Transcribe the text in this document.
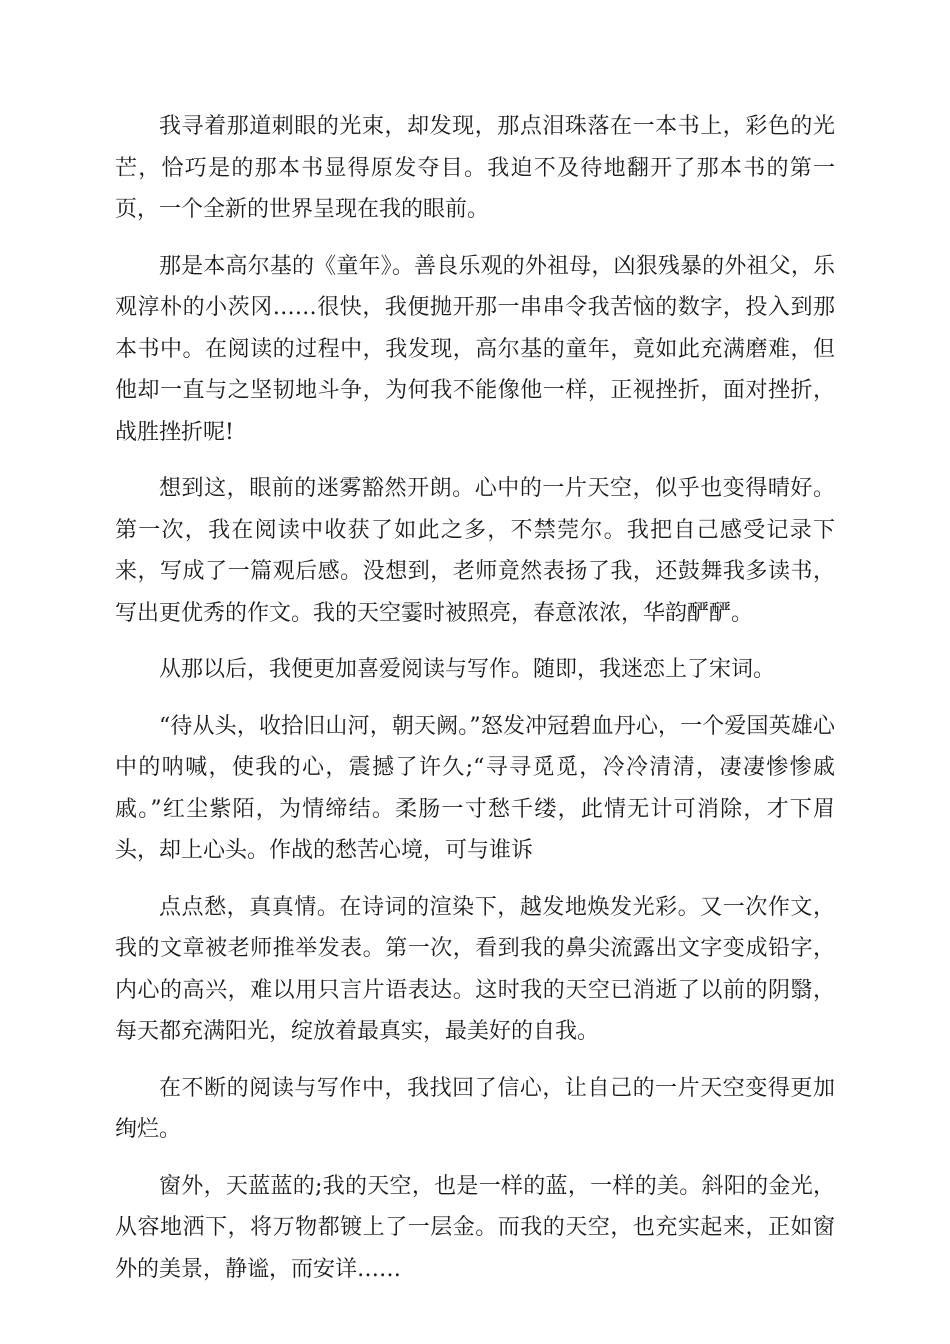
我寻着那道刺眼的光束，却发现，那点泪珠落在一本书上，彩色的光芒，恰巧是的那本书显得原发夺目。我迫不及待地翻开了那本书的第一页，一个全新的世界呈现在我的眼前。

那是本高尔基的《童年》。善良乐观的外祖母，凶狠残暴的外祖父，乐观淳朴的小茨冈……很快，我便抛开那一串串令我苦恼的数字，投入到那本书中。在阅读的过程中，我发现，高尔基的童年，竟如此充满磨难，但他却一直与之坚韧地斗争，为何我不能像他一样，正视挫折，面对挫折，战胜挫折呢!

想到这，眼前的迷雾豁然开朗。心中的一片天空，似乎也变得晴好。第一次，我在阅读中收获了如此之多，不禁莞尔。我把自己感受记录下来，写成了一篇观后感。没想到，老师竟然表扬了我，还鼓舞我多读书，写出更优秀的作文。我的天空霎时被照亮，春意浓浓，华韵酽酽。

从那以后，我便更加喜爱阅读与写作。随即，我迷恋上了宋词。

“待从头，收拾旧山河，朝天阙。”怒发冲冠碧血丹心，一个爱国英雄心中的呐喊，使我的心，震撼了许久;“寻寻觅觅，冷冷清清，凄凄惨惨戚戚。”红尘紫陌，为情缔结。柔肠一寸愁千缕，此情无计可消除，才下眉头，却上心头。作战的愁苦心境，可与谁诉

点点愁，真真情。在诗词的渲染下，越发地焕发光彩。又一次作文，我的文章被老师推举发表。第一次，看到我的鼻尖流露出文字变成铅字，内心的高兴，难以用只言片语表达。这时我的天空已消逝了以前的阴翳，每天都充满阳光，绽放着最真实，最美好的自我。

在不断的阅读与写作中，我找回了信心，让自己的一片天空变得更加绚烂。

窗外，天蓝蓝的;我的天空，也是一样的蓝，一样的美。斜阳的金光，从容地洒下，将万物都镀上了一层金。而我的天空，也充实起来，正如窗外的美景，静谧，而安详……
